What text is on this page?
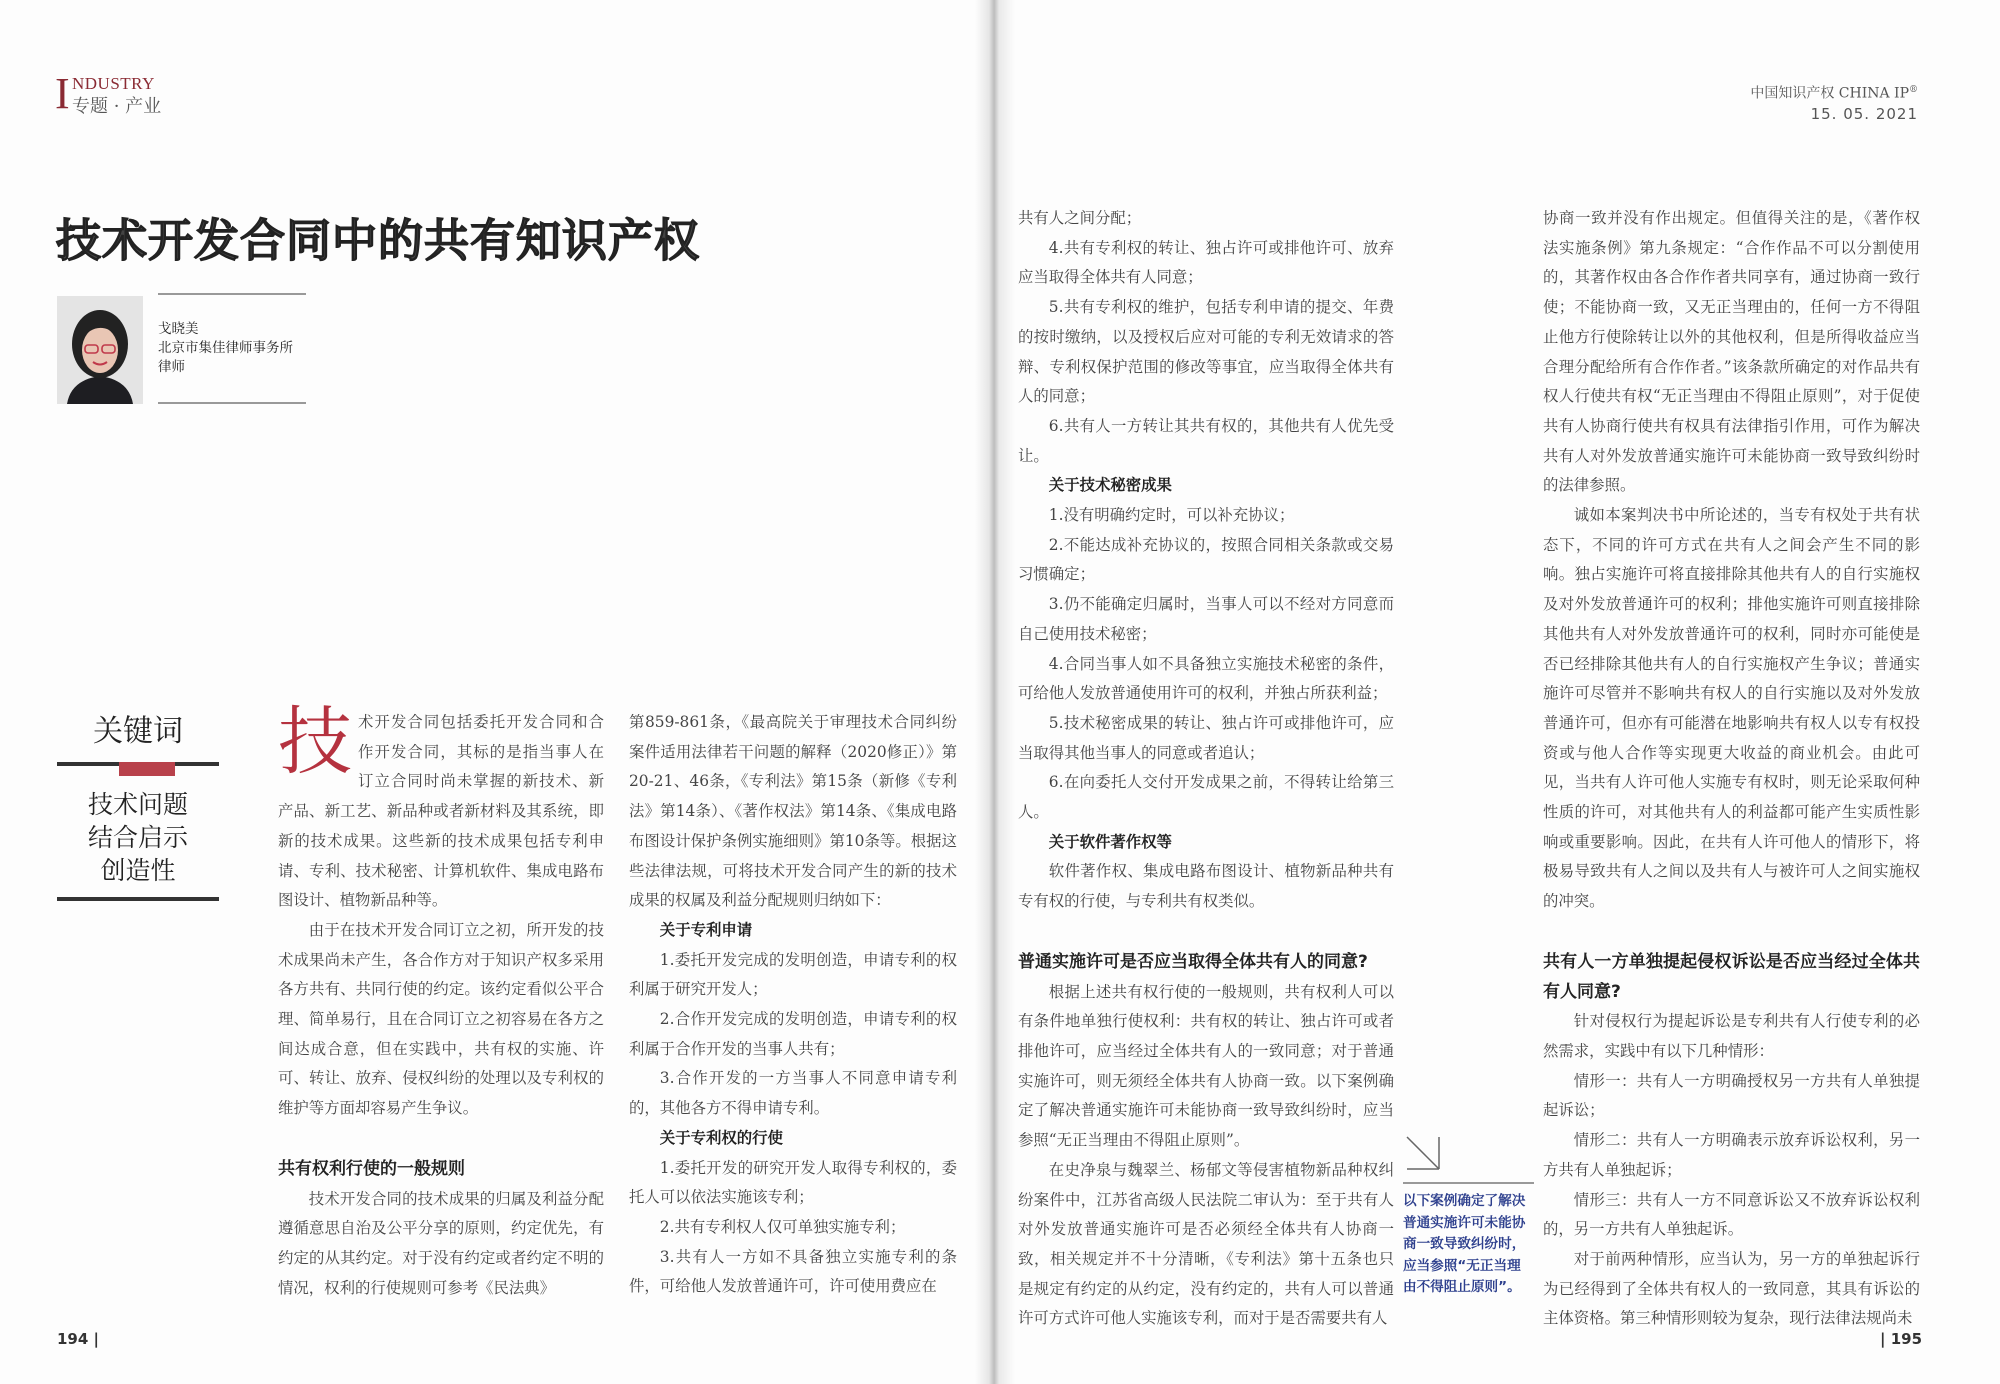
I NDUSTRY
专题 · 产业
技术开发合同中的共有知识产权
戈晓美
北京市集佳律师事务所
律师
关键词
技术问题
结合启示
创造性

技术开发合同包括委托开发合同和合作开发合同，其标的是指当事人在订立合同时尚未掌握的新技术、新产品、新工艺、新品种或者新材料及其系统，即新的技术成果。这些新的技术成果包括专利申请、专利、技术秘密、计算机软件、集成电路布图设计、植物新品种等。

由于在技术开发合同订立之初，所开发的技术成果尚未产生，各合作方对于知识产权多采用各方共有、共同行使的约定。该约定看似公平合理、简单易行，且在合同订立之初容易在各方之间达成合意，但在实践中，共有权的实施、许可、转让、放弃、侵权纠纷的处理以及专利权的维护等方面却容易产生争议。

共有权利行使的一般规则

技术开发合同的技术成果的归属及利益分配遵循意思自治及公平分享的原则，约定优先，有约定的从其约定。对于没有约定或者约定不明的情况，权利的行使规则可参考《民法典》

第859-861条，《最高院关于审理技术合同纠纷案件适用法律若干问题的解释（2020修正）》第20-21、46条，《专利法》第15条（新修《专利法》第14条）、《著作权法》第14条、《集成电路布图设计保护条例实施细则》第10条等。根据这些法律法规，可将技术开发合同产生的新的技术成果的权属及利益分配规则归纳如下：

关于专利申请

1.委托开发完成的发明创造，申请专利的权利属于研究开发人；

2.合作开发完成的发明创造，申请专利的权利属于合作开发的当事人共有；

3.合作开发的一方当事人不同意申请专利的，其他各方不得申请专利。

关于专利权的行使

1.委托开发的研究开发人取得专利权的，委托人可以依法实施该专利；

2.共有专利权人仅可单独实施专利；

3.共有人一方如不具备独立实施专利的条件，可给他人发放普通许可，许可使用费应在

共有人之间分配；

4.共有专利权的转让、独占许可或排他许可、放弃应当取得全体共有人同意；

5.共有专利权的维护，包括专利申请的提交、年费的按时缴纳，以及授权后应对可能的专利无效请求的答辩、专利权保护范围的修改等事宜，应当取得全体共有人的同意；

6.共有人一方转让其共有权的，其他共有人优先受让。

关于技术秘密成果

1.没有明确约定时，可以补充协议；

2.不能达成补充协议的，按照合同相关条款或交易习惯确定；

3.仍不能确定归属时，当事人可以不经对方同意而自己使用技术秘密；

4.合同当事人如不具备独立实施技术秘密的条件，可给他人发放普通使用许可的权利，并独占所获利益；

5.技术秘密成果的转让、独占许可或排他许可，应当取得其他当事人的同意或者追认；

6.在向委托人交付开发成果之前，不得转让给第三人。

关于软件著作权等

软件著作权、集成电路布图设计、植物新品种共有专有权的行使，与专利共有权类似。

普通实施许可是否应当取得全体共有人的同意?

根据上述共有权行使的一般规则，共有权利人可以有条件地单独行使权利：共有权的转让、独占许可或者排他许可，应当经过全体共有人的一致同意；对于普通实施许可，则无须经全体共有人协商一致。以下案例确定了解决普通实施许可未能协商一致导致纠纷时，应当参照“无正当理由不得阻止原则”。

在史净泉与魏翠兰、杨郁文等侵害植物新品种权纠纷案件中，江苏省高级人民法院二审认为：至于共有人对外发放普通实施许可是否必须经全体共有人协商一致，相关规定并不十分清晰，《专利法》第十五条也只是规定有约定的从约定，没有约定的，共有人可以普通许可方式许可他人实施该专利，而对于是否需要共有人

协商一致并没有作出规定。但值得关注的是，《著作权法实施条例》第九条规定：“合作作品不可以分割使用的，其著作权由各合作作者共同享有，通过协商一致行使；不能协商一致，又无正当理由的，任何一方不得阻止他方行使除转让以外的其他权利，但是所得收益应当合理分配给所有合作作者。”该条款所确定的对作品共有权人行使共有权“无正当理由不得阻止原则”，对于促使共有人协商行使共有权具有法律指引作用，可作为解决共有人对外发放普通实施许可未能协商一致导致纠纷时的法律参照。

诚如本案判决书中所论述的，当专有权处于共有状态下，不同的许可方式在共有人之间会产生不同的影响。独占实施许可将直接排除其他共有人的自行实施权及对外发放普通许可的权利；排他实施许可则直接排除其他共有人对外发放普通许可的权利，同时亦可能使是否已经排除其他共有人的自行实施权产生争议；普通实施许可尽管并不影响共有权人的自行实施以及对外发放普通许可，但亦有可能潜在地影响共有权人以专有权投资或与他人合作等实现更大收益的商业机会。由此可见，当共有人许可他人实施专有权时，则无论采取何种性质的许可，对其他共有人的利益都可能产生实质性影响或重要影响。因此，在共有人许可他人的情形下，将极易导致共有人之间以及共有人与被许可人之间实施权的冲突。

共有人一方单独提起侵权诉讼是否应当经过全体共有人同意?

针对侵权行为提起诉讼是专利共有人行使专利的必然需求，实践中有以下几种情形：

情形一：共有人一方明确授权另一方共有人单独提起诉讼；

情形二：共有人一方明确表示放弃诉讼权利，另一方共有人单独起诉；

情形三：共有人一方不同意诉讼又不放弃诉讼权利的，另一方共有人单独起诉。

对于前两种情形，应当认为，另一方的单独起诉行为已经得到了全体共有权人的一致同意，其具有诉讼的主体资格。第三种情形则较为复杂，现行法律法规尚未

以下案例确定了解决普通实施许可未能协商一致导致纠纷时，应当参照“无正当理由不得阻止原则”。
中国知识产权 CHINA IP®
15. 05. 2021
194 |	| 195
